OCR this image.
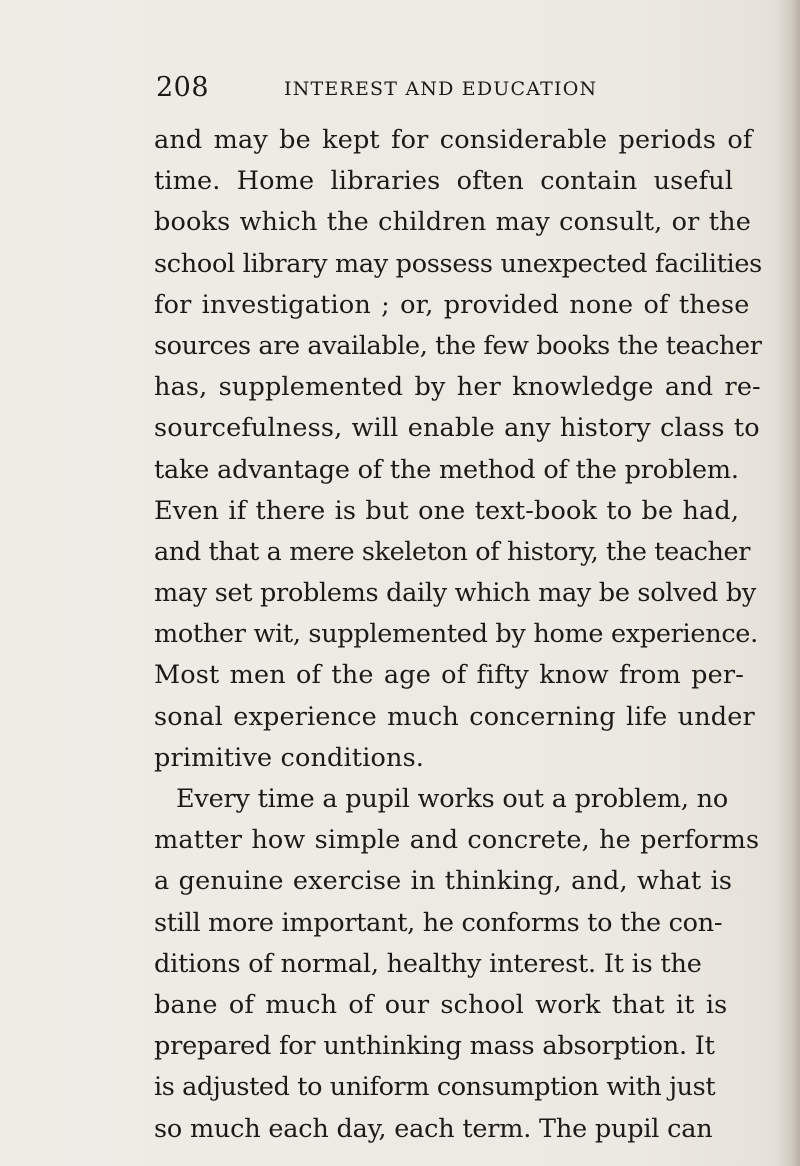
208	INTEREST AND EDUCATION
and may be kept for considerable periods of
time. Home libraries often contain useful
books which the children may consult, or the
school library may possess unexpected facilities
for investigation ; or, provided none of these
sources are available, the few books the teacher
has, supplemented by her knowledge and re-
sourcefulness, will enable any history class to
take advantage of the method of the problem.
Even if there is but one text-book to be had,
and that a mere skeleton of history, the teacher
may set problems daily which may be solved by
mother wit, supplemented by home experience.
Most men of the age of fifty know from per-
sonal experience much concerning life under
primitive conditions.
Every time a pupil works out a problem, no
matter how simple and concrete, he performs
a genuine exercise in thinking, and, what is
still more important, he conforms to the con-
ditions of normal, healthy interest. It is the
bane of much of our school work that it is
prepared for unthinking mass absorption. It
is adjusted to uniform consumption with just
so much each day, each term. The pupil can
